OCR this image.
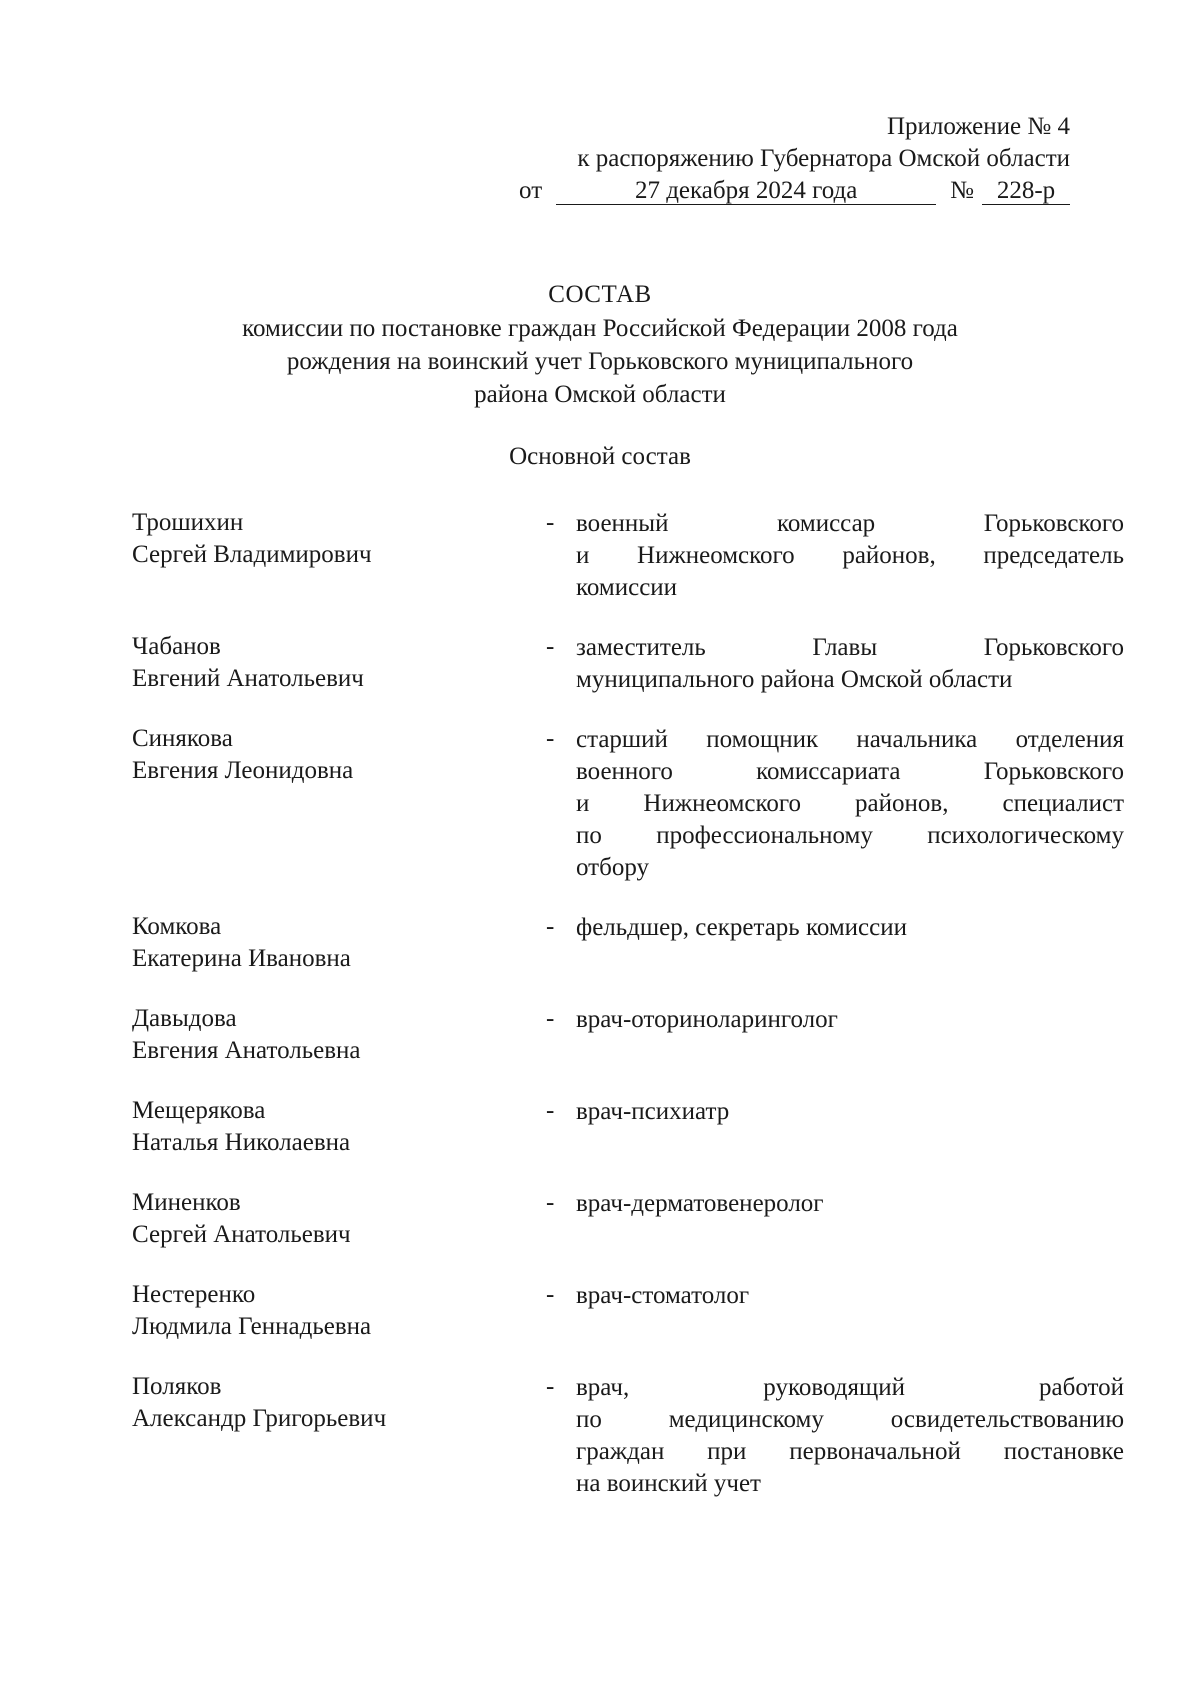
Приложение № 4
к распоряжению Губернатора Омской области
от	27 декабря 2024 года	№ 228-р
СОСТАВ
комиссии по постановке граждан Российской Федерации 2008 года
рождения на воинский учет Горьковского муниципального
района Омской области
Основной состав
Трошихин
Сергей Владимирович
- военный комиссар Горьковского
и Нижнеомского районов, председатель
комиссии
Чабанов
Евгений Анатольевич
- заместитель Главы Горьковского
муниципального района Омской области
Синякова
Евгения Леонидовна
- старший помощник начальника отделения
военного комиссариата Горьковского
и Нижнеомского районов, специалист
по профессиональному психологическому
отбору
Комкова
Екатерина Ивановна
- фельдшер, секретарь комиссии
Давыдова
Евгения Анатольевна
- врач-оториноларинголог
Мещерякова
Наталья Николаевна
- врач-психиатр
Миненков
Сергей Анатольевич
- врач-дерматовенеролог
Нестеренко
Людмила Геннадьевна
- врач-стоматолог
Поляков
Александр Григорьевич
- врач, руководящий работой
по медицинскому освидетельствованию
граждан при первоначальной постановке
на воинский учет
